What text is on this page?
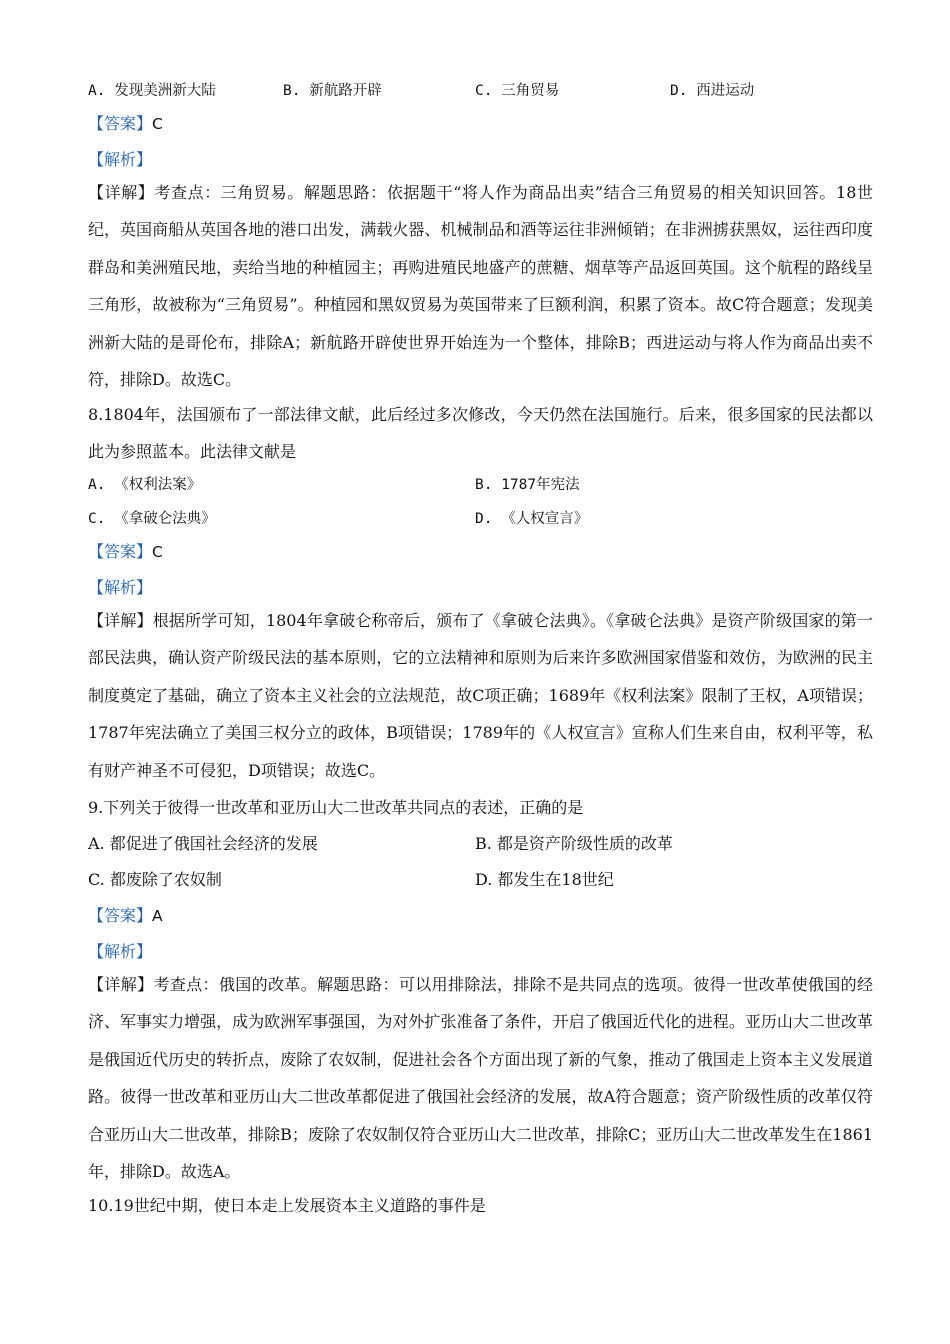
A. 发现美洲新大陆	B. 新航路开辟	C. 三角贸易	D. 西进运动
【答案】C
【解析】
【详解】考查点：三角贸易。解题思路：依据题干“将人作为商品出卖”结合三角贸易的相关知识回答。18世纪，英国商船从英国各地的港口出发，满载火器、机械制品和酒等运往非洲倾销；在非洲掳获黑奴，运往西印度群岛和美洲殖民地，卖给当地的种植园主；再购进殖民地盛产的蔗糖、烟草等产品返回英国。这个航程的路线呈三角形，故被称为“三角贸易”。种植园和黑奴贸易为英国带来了巨额利润，积累了资本。故C符合题意；发现美洲新大陆的是哥伦布，排除A；新航路开辟使世界开始连为一个整体，排除B；西进运动与将人作为商品出卖不符，排除D。故选C。
8.1804年，法国颁布了一部法律文献，此后经过多次修改，今天仍然在法国施行。后来，很多国家的民法都以此为参照蓝本。此法律文献是
A. 《权利法案》	B. 1787年宪法
C. 《拿破仑法典》	D. 《人权宣言》
【答案】C
【解析】
【详解】根据所学可知，1804年拿破仑称帝后，颁布了《拿破仑法典》。《拿破仑法典》是资产阶级国家的第一部民法典，确认资产阶级民法的基本原则，它的立法精神和原则为后来许多欧洲国家借鉴和效仿，为欧洲的民主制度奠定了基础，确立了资本主义社会的立法规范，故C项正确；1689年《权利法案》限制了王权，A项错误；1787年宪法确立了美国三权分立的政体，B项错误；1789年的《人权宣言》宣称人们生来自由，权利平等，私有财产神圣不可侵犯，D项错误；故选C。
9.下列关于彼得一世改革和亚历山大二世改革共同点的表述，正确的是
A. 都促进了俄国社会经济的发展	B. 都是资产阶级性质的改革
C. 都废除了农奴制	D. 都发生在18世纪
【答案】A
【解析】
【详解】考查点：俄国的改革。解题思路：可以用排除法，排除不是共同点的选项。彼得一世改革使俄国的经济、军事实力增强，成为欧洲军事强国，为对外扩张准备了条件，开启了俄国近代化的进程。亚历山大二世改革是俄国近代历史的转折点，废除了农奴制，促进社会各个方面出现了新的气象，推动了俄国走上资本主义发展道路。彼得一世改革和亚历山大二世改革都促进了俄国社会经济的发展，故A符合题意；资产阶级性质的改革仅符合亚历山大二世改革，排除B；废除了农奴制仅符合亚历山大二世改革，排除C；亚历山大二世改革发生在1861年，排除D。故选A。
10.19世纪中期，使日本走上发展资本主义道路的事件是
